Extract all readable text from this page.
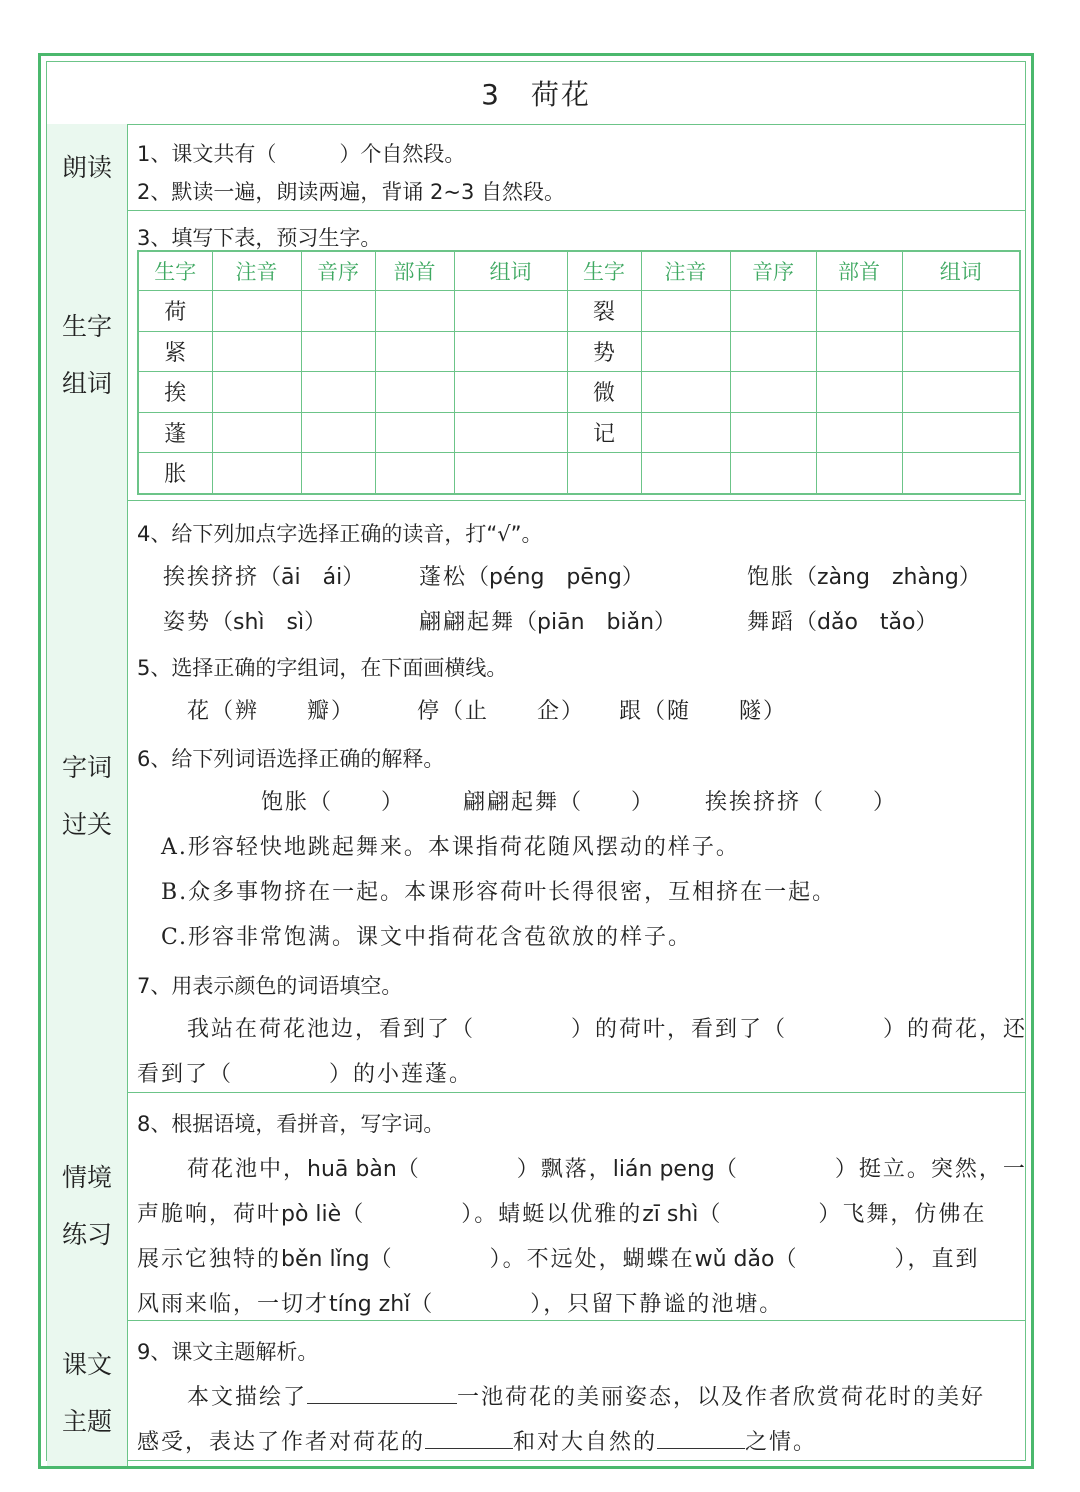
3　荷花
朗读 1、课文共有（　　　）个自然段。
2、默读一遍，朗读两遍，背诵 2~3 自然段。
生字
组词
3、填写下表，预习生字。
生字	注音	音序	部首	组词	生字	注音	音序	部首	组词
荷					裂				
紧					势				
挨					微				
蓬					记				
胀									
字词
过关
4、给下列加点字选择正确的读音，打“√”。
挨挨挤挤（āi　ái） 蓬松（péng　pēng）	饱胀（zàng　zhàng）
姿势（shì　sì）	翩翩起舞（piān　biǎn）	舞蹈（dǎo　tǎo）
5、选择正确的字组词，在下面画横线。
花（辨　　瓣）	停（止　　企） 跟（随　　隧）
6、给下列词语选择正确的解释。
饱胀（　　）	翩翩起舞（　　） 挨挨挤挤（　　）
A.形容轻快地跳起舞来。本课指荷花随风摆动的样子。
B.众多事物挤在一起。本课形容荷叶长得很密，互相挤在一起。
C.形容非常饱满。课文中指荷花含苞欲放的样子。
7、用表示颜色的词语填空。
我站在荷花池边，看到了（　　　　）的荷叶，看到了（　　　　）的荷花，还
看到了（　　　　）的小莲蓬。
情境
练习
8、根据语境，看拼音，写字词。
荷花池中，huā bàn（　　　　）飘落，lián peng（　　　　）挺立。突然，一
声脆响，荷叶pò liè（　　　　）。蜻蜓以优雅的zī shì（　　　　）飞舞，仿佛在
展示它独特的běn lǐng（　　　　）。不远处，蝴蝶在wǔ dǎo（　　　　），直到
风雨来临，一切才tíng zhǐ（　　　　），只留下静谧的池塘。
课文
主题
9、课文主题解析。
本文描绘了	一池荷花的美丽姿态，以及作者欣赏荷花时的美好
感受，表达了作者对荷花的	和对大自然的	之情。
